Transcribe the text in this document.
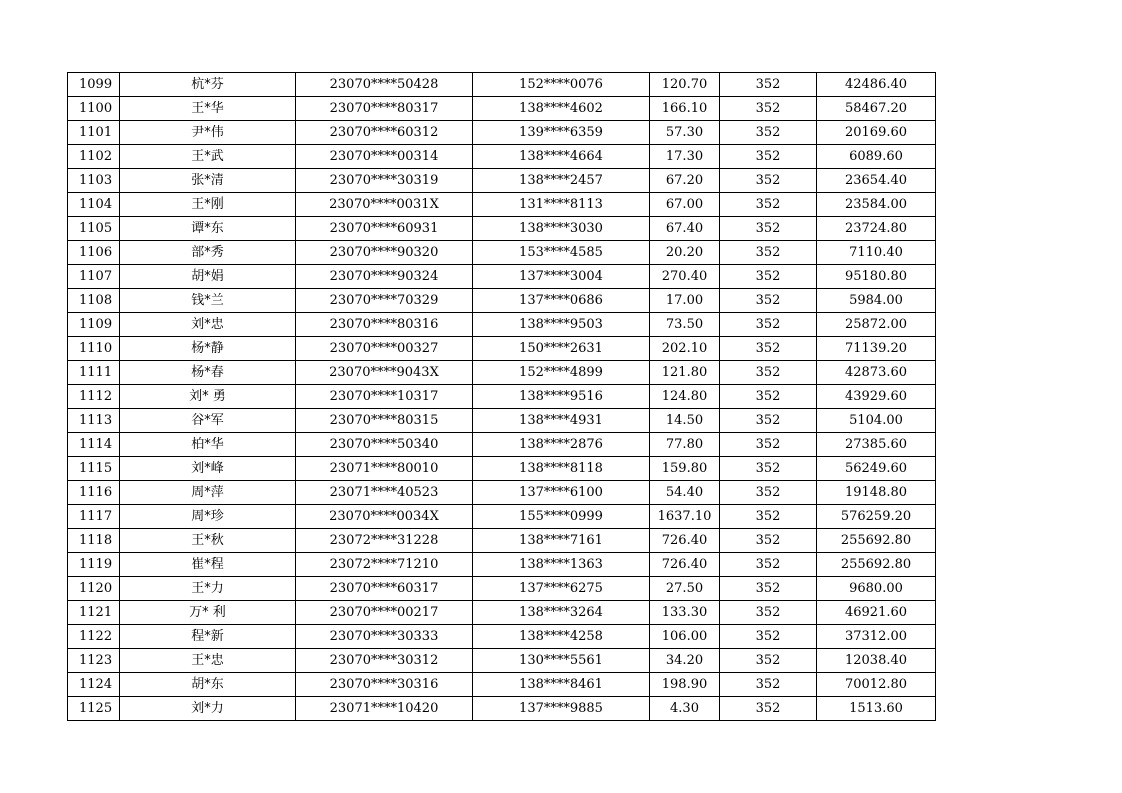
1099	杭*芬	23070****50428	152****0076	120.70	352	42486.40
1100	王*华	23070****80317	138****4602	166.10	352	58467.20
1101	尹*伟	23070****60312	139****6359	57.30	352	20169.60
1102	王*武	23070****00314	138****4664	17.30	352	6089.60
1103	张*清	23070****30319	138****2457	67.20	352	23654.40
1104	王*刚	23070****0031X	131****8113	67.00	352	23584.00
1105	谭*东	23070****60931	138****3030	67.40	352	23724.80
1106	部*秀	23070****90320	153****4585	20.20	352	7110.40
1107	胡*娟	23070****90324	137****3004	270.40	352	95180.80
1108	钱*兰	23070****70329	137****0686	17.00	352	5984.00
1109	刘*忠	23070****80316	138****9503	73.50	352	25872.00
1110	杨*静	23070****00327	150****2631	202.10	352	71139.20
1111	杨*春	23070****9043X	152****4899	121.80	352	42873.60
1112	刘* 勇	23070****10317	138****9516	124.80	352	43929.60
1113	谷*军	23070****80315	138****4931	14.50	352	5104.00
1114	柏*华	23070****50340	138****2876	77.80	352	27385.60
1115	刘*峰	23071****80010	138****8118	159.80	352	56249.60
1116	周*萍	23071****40523	137****6100	54.40	352	19148.80
1117	周*珍	23070****0034X	155****0999	1637.10	352	576259.20
1118	王*秋	23072****31228	138****7161	726.40	352	255692.80
1119	崔*程	23072****71210	138****1363	726.40	352	255692.80
1120	王*力	23070****60317	137****6275	27.50	352	9680.00
1121	万* 利	23070****00217	138****3264	133.30	352	46921.60
1122	程*新	23070****30333	138****4258	106.00	352	37312.00
1123	王*忠	23070****30312	130****5561	34.20	352	12038.40
1124	胡*东	23070****30316	138****8461	198.90	352	70012.80
1125	刘*力	23071****10420	137****9885	4.30	352	1513.60
